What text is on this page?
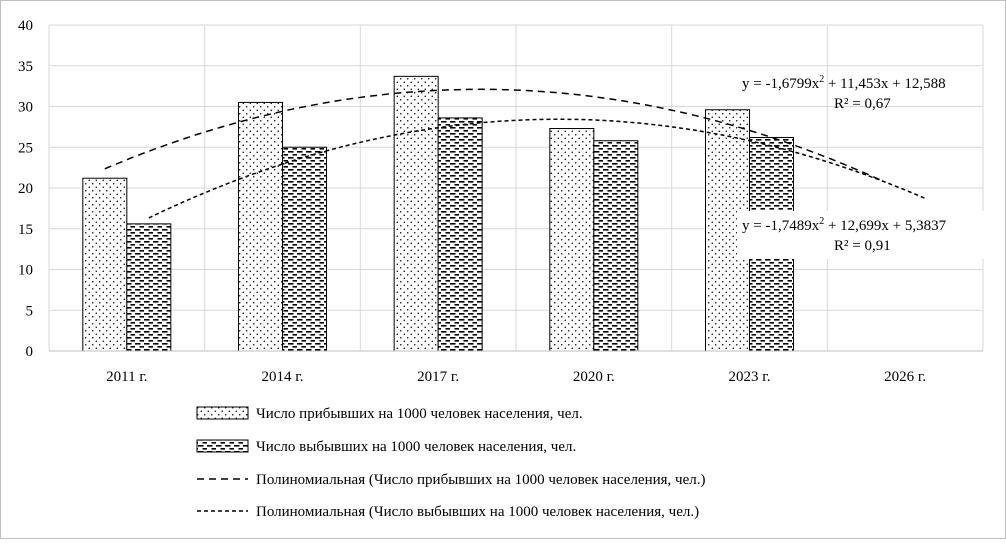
0
5
10
15
20
25
30
35
40
2011 г.	2014 г.	2017 г.	2020 г.	2023 г.	2026 г.
$y = -1,6799x^2 + 11,453x + 12,588$
R² = 0,67
$y = -1,7489x^2 + 12,699x + 5,3837$
R² = 0,91
Число прибывших на 1000 человек населения, чел.
Число выбывших на 1000 человек населения, чел.
Полиномиальная (Число прибывших на 1000 человек населения, чел.)
Полиномиальная (Число выбывших на 1000 человек населения, чел.)
